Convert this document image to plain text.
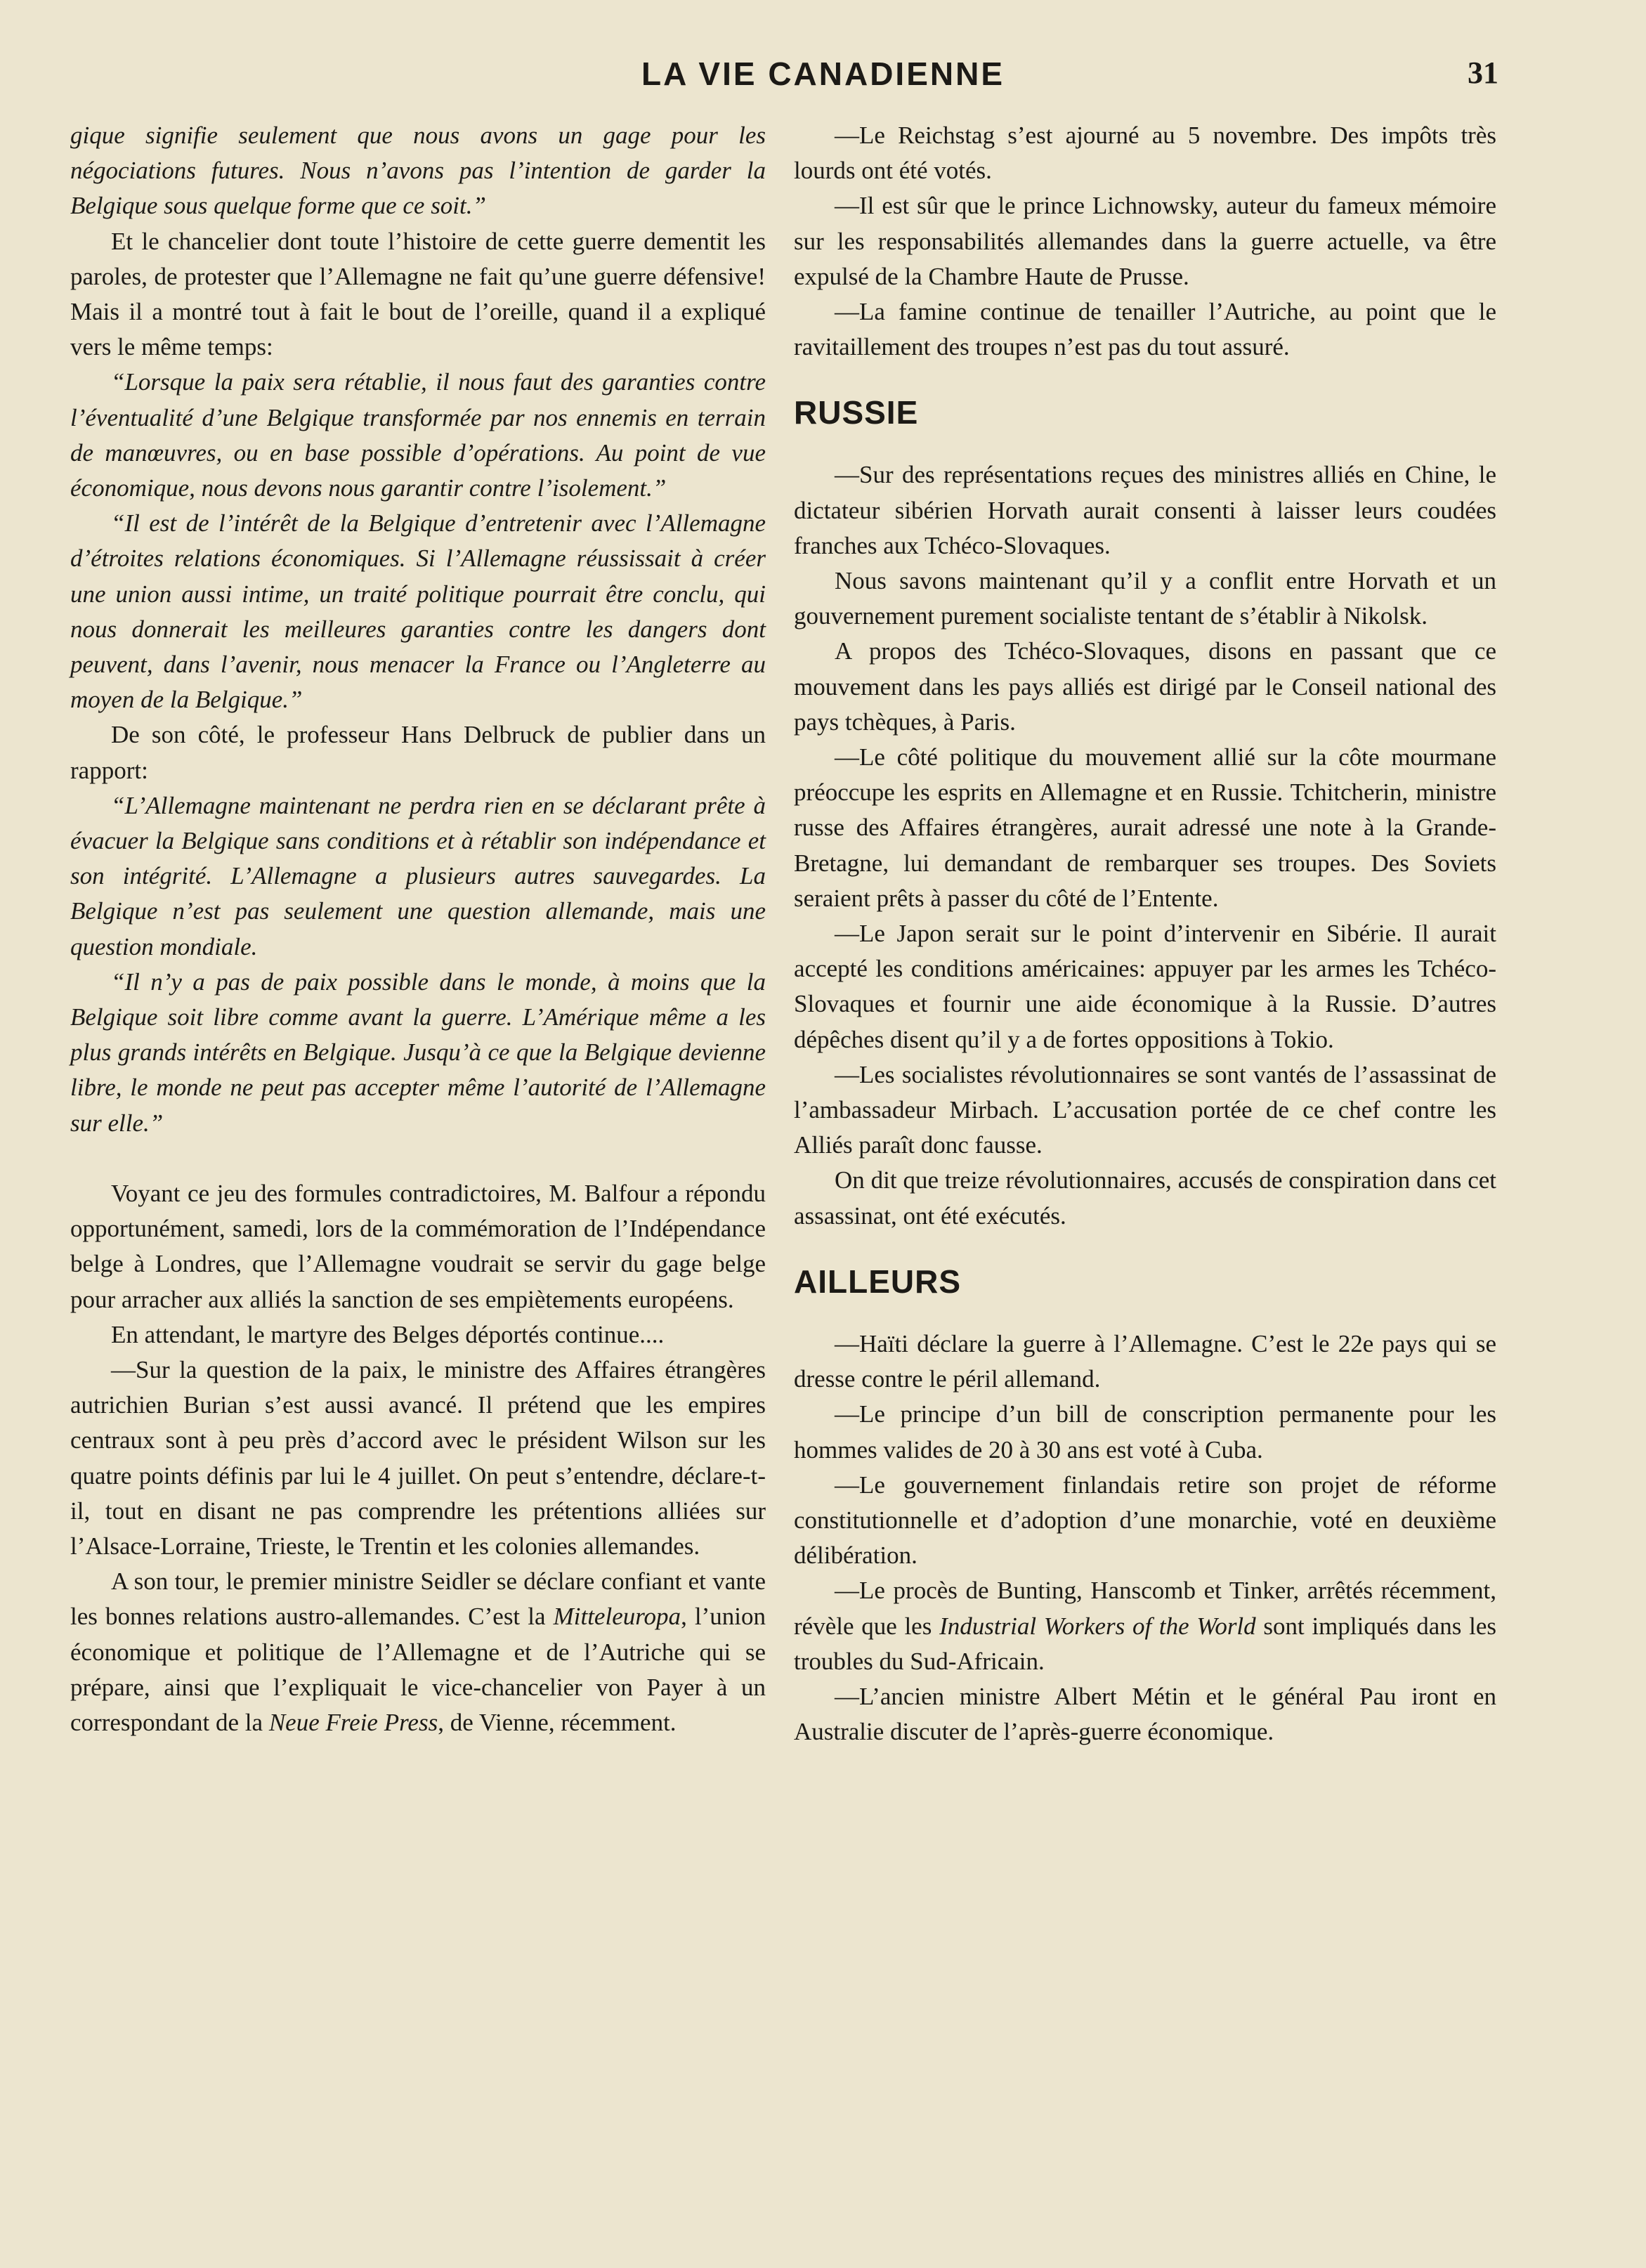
LA VIE CANADIENNE	31

gique signifie seulement que nous avons un gage pour les négociations futures. Nous n’avons pas l’intention de garder la Belgique sous quelque forme que ce soit.”

Et le chancelier dont toute l’histoire de cette guerre dementit les paroles, de protester que l’Allemagne ne fait qu’une guerre défensive! Mais il a montré tout à fait le bout de l’oreille, quand il a expliqué vers le même temps:

“Lorsque la paix sera rétablie, il nous faut des garanties contre l’éventualité d’une Belgique transformée par nos ennemis en terrain de manœuvres, ou en base possible d’opérations. Au point de vue économique, nous devons nous garantir contre l’isolement.”

“Il est de l’intérêt de la Belgique d’entretenir avec l’Allemagne d’étroites relations économiques. Si l’Allemagne réussissait à créer une union aussi intime, un traité politique pourrait être conclu, qui nous donnerait les meilleures garanties contre les dangers dont peuvent, dans l’avenir, nous menacer la France ou l’Angleterre au moyen de la Belgique.”

De son côté, le professeur Hans Delbruck de publier dans un rapport:

“L’Allemagne maintenant ne perdra rien en se déclarant prête à évacuer la Belgique sans conditions et à rétablir son indépendance et son intégrité. L’Allemagne a plusieurs autres sauvegardes. La Belgique n’est pas seulement une question allemande, mais une question mondiale.

“Il n’y a pas de paix possible dans le monde, à moins que la Belgique soit libre comme avant la guerre. L’Amérique même a les plus grands intérêts en Belgique. Jusqu’à ce que la Belgique devienne libre, le monde ne peut pas accepter même l’autorité de l’Allemagne sur elle.”

Voyant ce jeu des formules contradictoires, M. Balfour a répondu opportunément, samedi, lors de la commémoration de l’Indépendance belge à Londres, que l’Allemagne voudrait se servir du gage belge pour arracher aux alliés la sanction de ses empiètements européens.

En attendant, le martyre des Belges déportés continue....

—Sur la question de la paix, le ministre des Affaires étrangères autrichien Burian s’est aussi avancé. Il prétend que les empires centraux sont à peu près d’accord avec le président Wilson sur les quatre points définis par lui le 4 juillet. On peut s’entendre, déclare-t-il, tout en disant ne pas comprendre les prétentions alliées sur l’Alsace-Lorraine, Trieste, le Trentin et les colonies allemandes.

A son tour, le premier ministre Seidler se déclare confiant et vante les bonnes relations austro-allemandes. C’est la Mitteleuropa, l’union économique et politique de l’Allemagne et de l’Autriche qui se prépare, ainsi que l’expliquait le vice-chancelier von Payer à un correspondant de la Neue Freie Press, de Vienne, récemment.

—Le Reichstag s’est ajourné au 5 novembre. Des impôts très lourds ont été votés.

—Il est sûr que le prince Lichnowsky, auteur du fameux mémoire sur les responsabilités allemandes dans la guerre actuelle, va être expulsé de la Chambre Haute de Prusse.

—La famine continue de tenailler l’Autriche, au point que le ravitaillement des troupes n’est pas du tout assuré.

RUSSIE

—Sur des représentations reçues des ministres alliés en Chine, le dictateur sibérien Horvath aurait consenti à laisser leurs coudées franches aux Tchéco-Slovaques.

Nous savons maintenant qu’il y a conflit entre Horvath et un gouvernement purement socialiste tentant de s’établir à Nikolsk.

A propos des Tchéco-Slovaques, disons en passant que ce mouvement dans les pays alliés est dirigé par le Conseil national des pays tchèques, à Paris.

—Le côté politique du mouvement allié sur la côte mourmane préoccupe les esprits en Allemagne et en Russie. Tchitcherin, ministre russe des Affaires étrangères, aurait adressé une note à la Grande-Bretagne, lui demandant de rembarquer ses troupes. Des Soviets seraient prêts à passer du côté de l’Entente.

—Le Japon serait sur le point d’intervenir en Sibérie. Il aurait accepté les conditions américaines: appuyer par les armes les Tchéco-Slovaques et fournir une aide économique à la Russie. D’autres dépêches disent qu’il y a de fortes oppositions à Tokio.

—Les socialistes révolutionnaires se sont vantés de l’assassinat de l’ambassadeur Mirbach. L’accusation portée de ce chef contre les Alliés paraît donc fausse.

On dit que treize révolutionnaires, accusés de conspiration dans cet assassinat, ont été exécutés.

AILLEURS

—Haïti déclare la guerre à l’Allemagne. C’est le 22e pays qui se dresse contre le péril allemand.

—Le principe d’un bill de conscription permanente pour les hommes valides de 20 à 30 ans est voté à Cuba.

—Le gouvernement finlandais retire son projet de réforme constitutionnelle et d’adoption d’une monarchie, voté en deuxième délibération.

—Le procès de Bunting, Hanscomb et Tinker, arrêtés récemment, révèle que les Industrial Workers of the World sont impliqués dans les troubles du Sud-Africain.

—L’ancien ministre Albert Métin et le général Pau iront en Australie discuter de l’après-guerre économique.
